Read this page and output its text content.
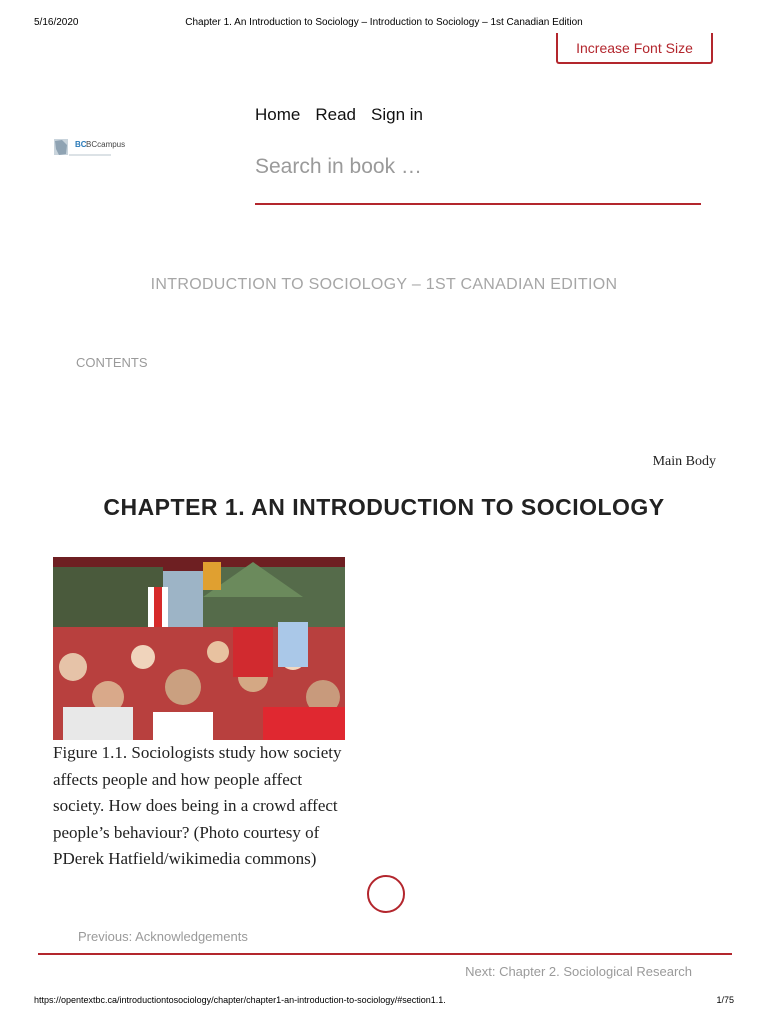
5/16/2020	Chapter 1. An Introduction to Sociology – Introduction to Sociology – 1st Canadian Edition
Increase Font Size
BC BCcampus
Home Read Sign in
Search in book …
INTRODUCTION TO SOCIOLOGY – 1ST CANADIAN EDITION
CONTENTS
Main Body
CHAPTER 1. AN INTRODUCTION TO SOCIOLOGY
Figure 1.1. Sociologists study how society affects people and how people affect society. How does being in a crowd affect people’s behaviour? (Photo courtesy of PDerek Hatfield/wikimedia commons)
Previous: Acknowledgements
Next: Chapter 2. Sociological Research
https://opentextbc.ca/introductiontosociology/chapter/chapter1-an-introduction-to-sociology/#section1.1.	1/75
